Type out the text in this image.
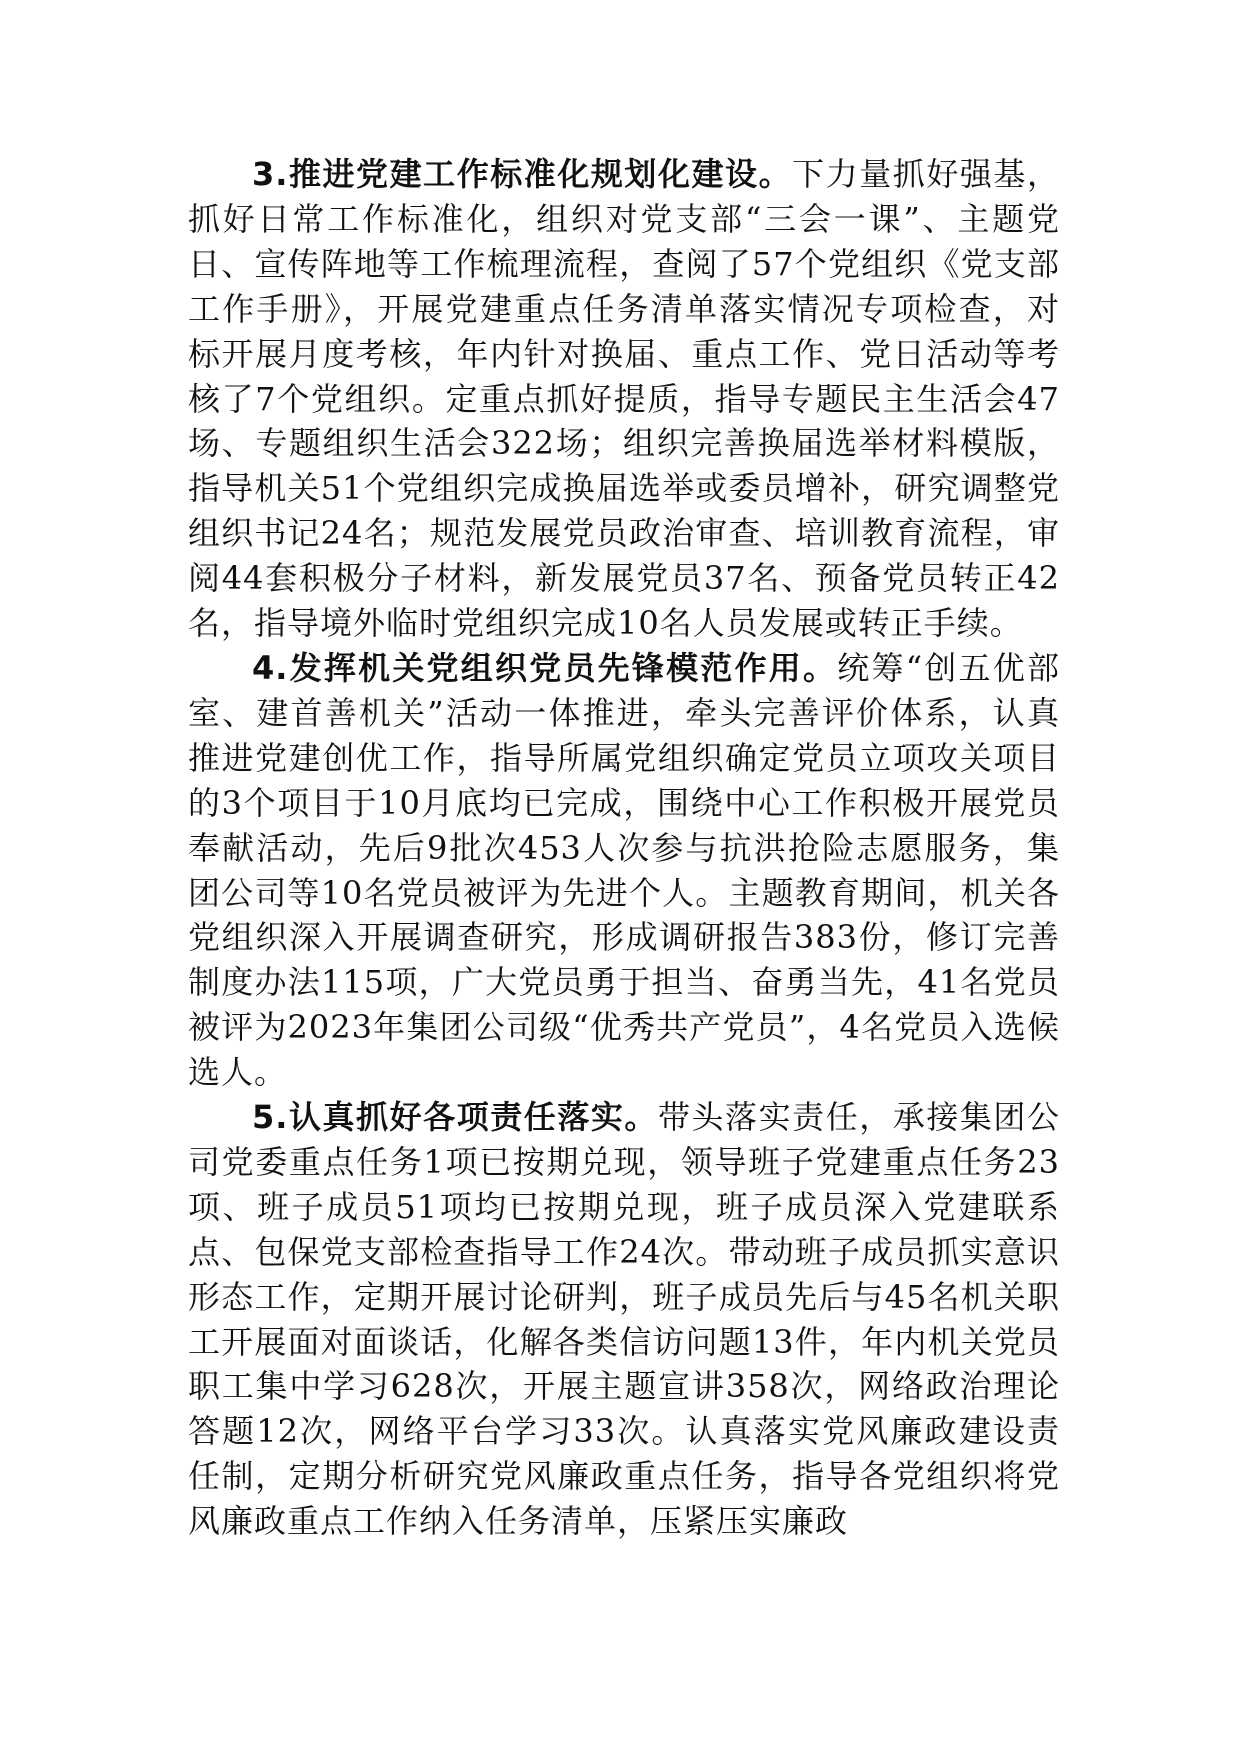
3.推进党建工作标准化规划化建设。下力量抓好强基，抓好日常工作标准化，组织对党支部“三会一课”、主题党日、宣传阵地等工作梳理流程，查阅了57个党组织《党支部工作手册》，开展党建重点任务清单落实情况专项检查，对标开展月度考核，年内针对换届、重点工作、党日活动等考核了7个党组织。定重点抓好提质，指导专题民主生活会47场、专题组织生活会322场；组织完善换届选举材料模版，指导机关51个党组织完成换届选举或委员增补，研究调整党组织书记24名；规范发展党员政治审查、培训教育流程，审阅44套积极分子材料，新发展党员37名、预备党员转正42名，指导境外临时党组织完成10名人员发展或转正手续。

4.发挥机关党组织党员先锋模范作用。统筹“创五优部室、建首善机关”活动一体推进，牵头完善评价体系，认真推进党建创优工作，指导所属党组织确定党员立项攻关项目的3个项目于10月底均已完成，围绕中心工作积极开展党员奉献活动，先后9批次453人次参与抗洪抢险志愿服务，集团公司等10名党员被评为先进个人。主题教育期间，机关各党组织深入开展调查研究，形成调研报告383份，修订完善制度办法115项，广大党员勇于担当、奋勇当先，41名党员被评为2023年集团公司级“优秀共产党员”，4名党员入选候选人。

5.认真抓好各项责任落实。带头落实责任，承接集团公司党委重点任务1项已按期兑现，领导班子党建重点任务23项、班子成员51项均已按期兑现，班子成员深入党建联系点、包保党支部检查指导工作24次。带动班子成员抓实意识形态工作，定期开展讨论研判，班子成员先后与45名机关职工开展面对面谈话，化解各类信访问题13件，年内机关党员职工集中学习628次，开展主题宣讲358次，网络政治理论答题12次，网络平台学习33次。认真落实党风廉政建设责任制，定期分析研究党风廉政重点任务，指导各党组织将党风廉政重点工作纳入任务清单，压紧压实廉政
